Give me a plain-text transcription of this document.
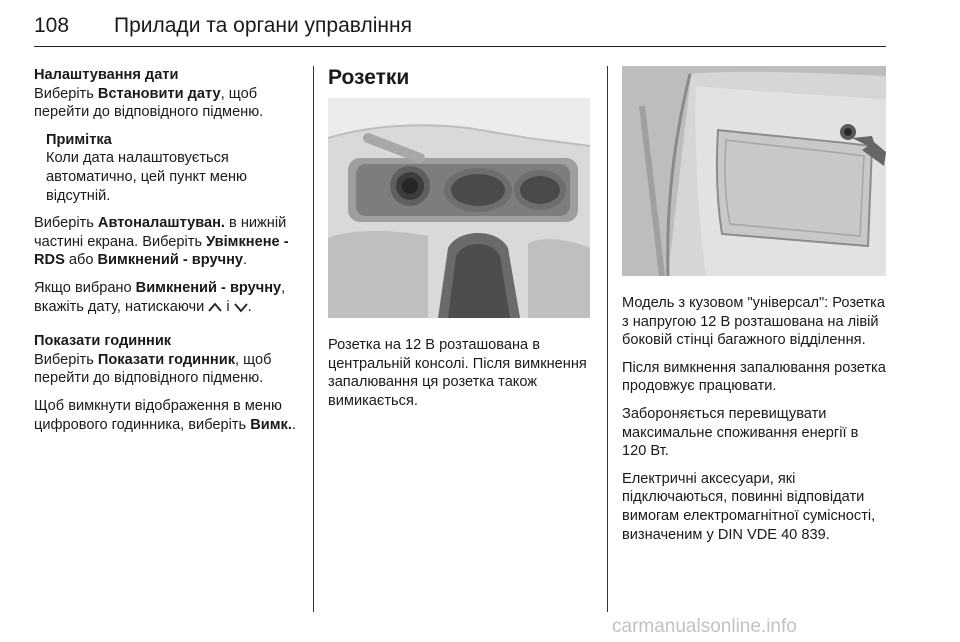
108 Прилади та органи управління
Налаштування дати

Виберіть Встановити дату, щоб перейти до відповідного підменю.

Примітка
Коли дата налаштовується автоматично, цей пункт меню відсутній.

Виберіть Автоналаштуван. в нижній частині екрана. Виберіть Увімкнене - RDS або Вимкнений - вручну.

Якщо вибрано Вимкнений - вручну, вкажіть дату, натискаючи  і .

Показати годинник

Виберіть Показати годинник, щоб перейти до відповідного підменю.

Щоб вимкнути відображення в меню цифрового годинника, виберіть Вимк..

Розетки

Розетка на 12 В розташована в центральній консолі. Після вимкнення запалювання ця розетка також вимикається.

Модель з кузовом "універсал": Розетка з напругою 12 В розташована на лівій боковій стінці багажного відділення.

Після вимкнення запалювання розетка продовжує працювати.

Забороняється перевищувати максимальне споживання енергії в 120 Вт.

Електричні аксесуари, які підключаються, повинні відповідати вимогам електромагнітної сумісності, визначеним у DIN VDE 40 839.

carmanualsonline.info
